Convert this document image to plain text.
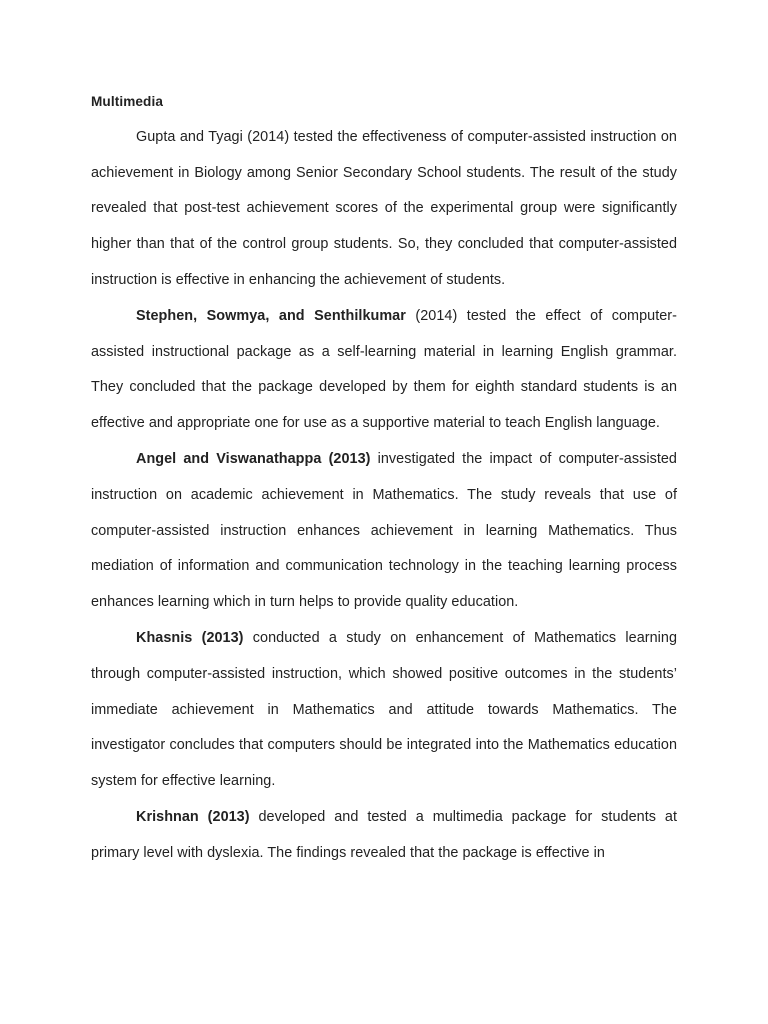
Multimedia

Gupta and Tyagi (2014) tested the effectiveness of computer-assisted instruction on achievement in Biology among Senior Secondary School students. The result of the study revealed that post-test achievement scores of the experimental group were significantly higher than that of the control group students. So, they concluded that computer-assisted instruction is effective in enhancing the achievement of students.

Stephen, Sowmya, and Senthilkumar (2014) tested the effect of computer-assisted instructional package as a self-learning material in learning English grammar. They concluded that the package developed by them for eighth standard students is an effective and appropriate one for use as a supportive material to teach English language.

Angel and Viswanathappa (2013) investigated the impact of computer-assisted instruction on academic achievement in Mathematics. The study reveals that use of computer-assisted instruction enhances achievement in learning Mathematics. Thus mediation of information and communication technology in the teaching learning process enhances learning which in turn helps to provide quality education.

Khasnis (2013) conducted a study on enhancement of Mathematics learning through computer-assisted instruction, which showed positive outcomes in the students’ immediate achievement in Mathematics and attitude towards Mathematics. The investigator concludes that computers should be integrated into the Mathematics education system for effective learning.

Krishnan (2013) developed and tested a multimedia package for students at primary level with dyslexia. The findings revealed that the package is effective in
